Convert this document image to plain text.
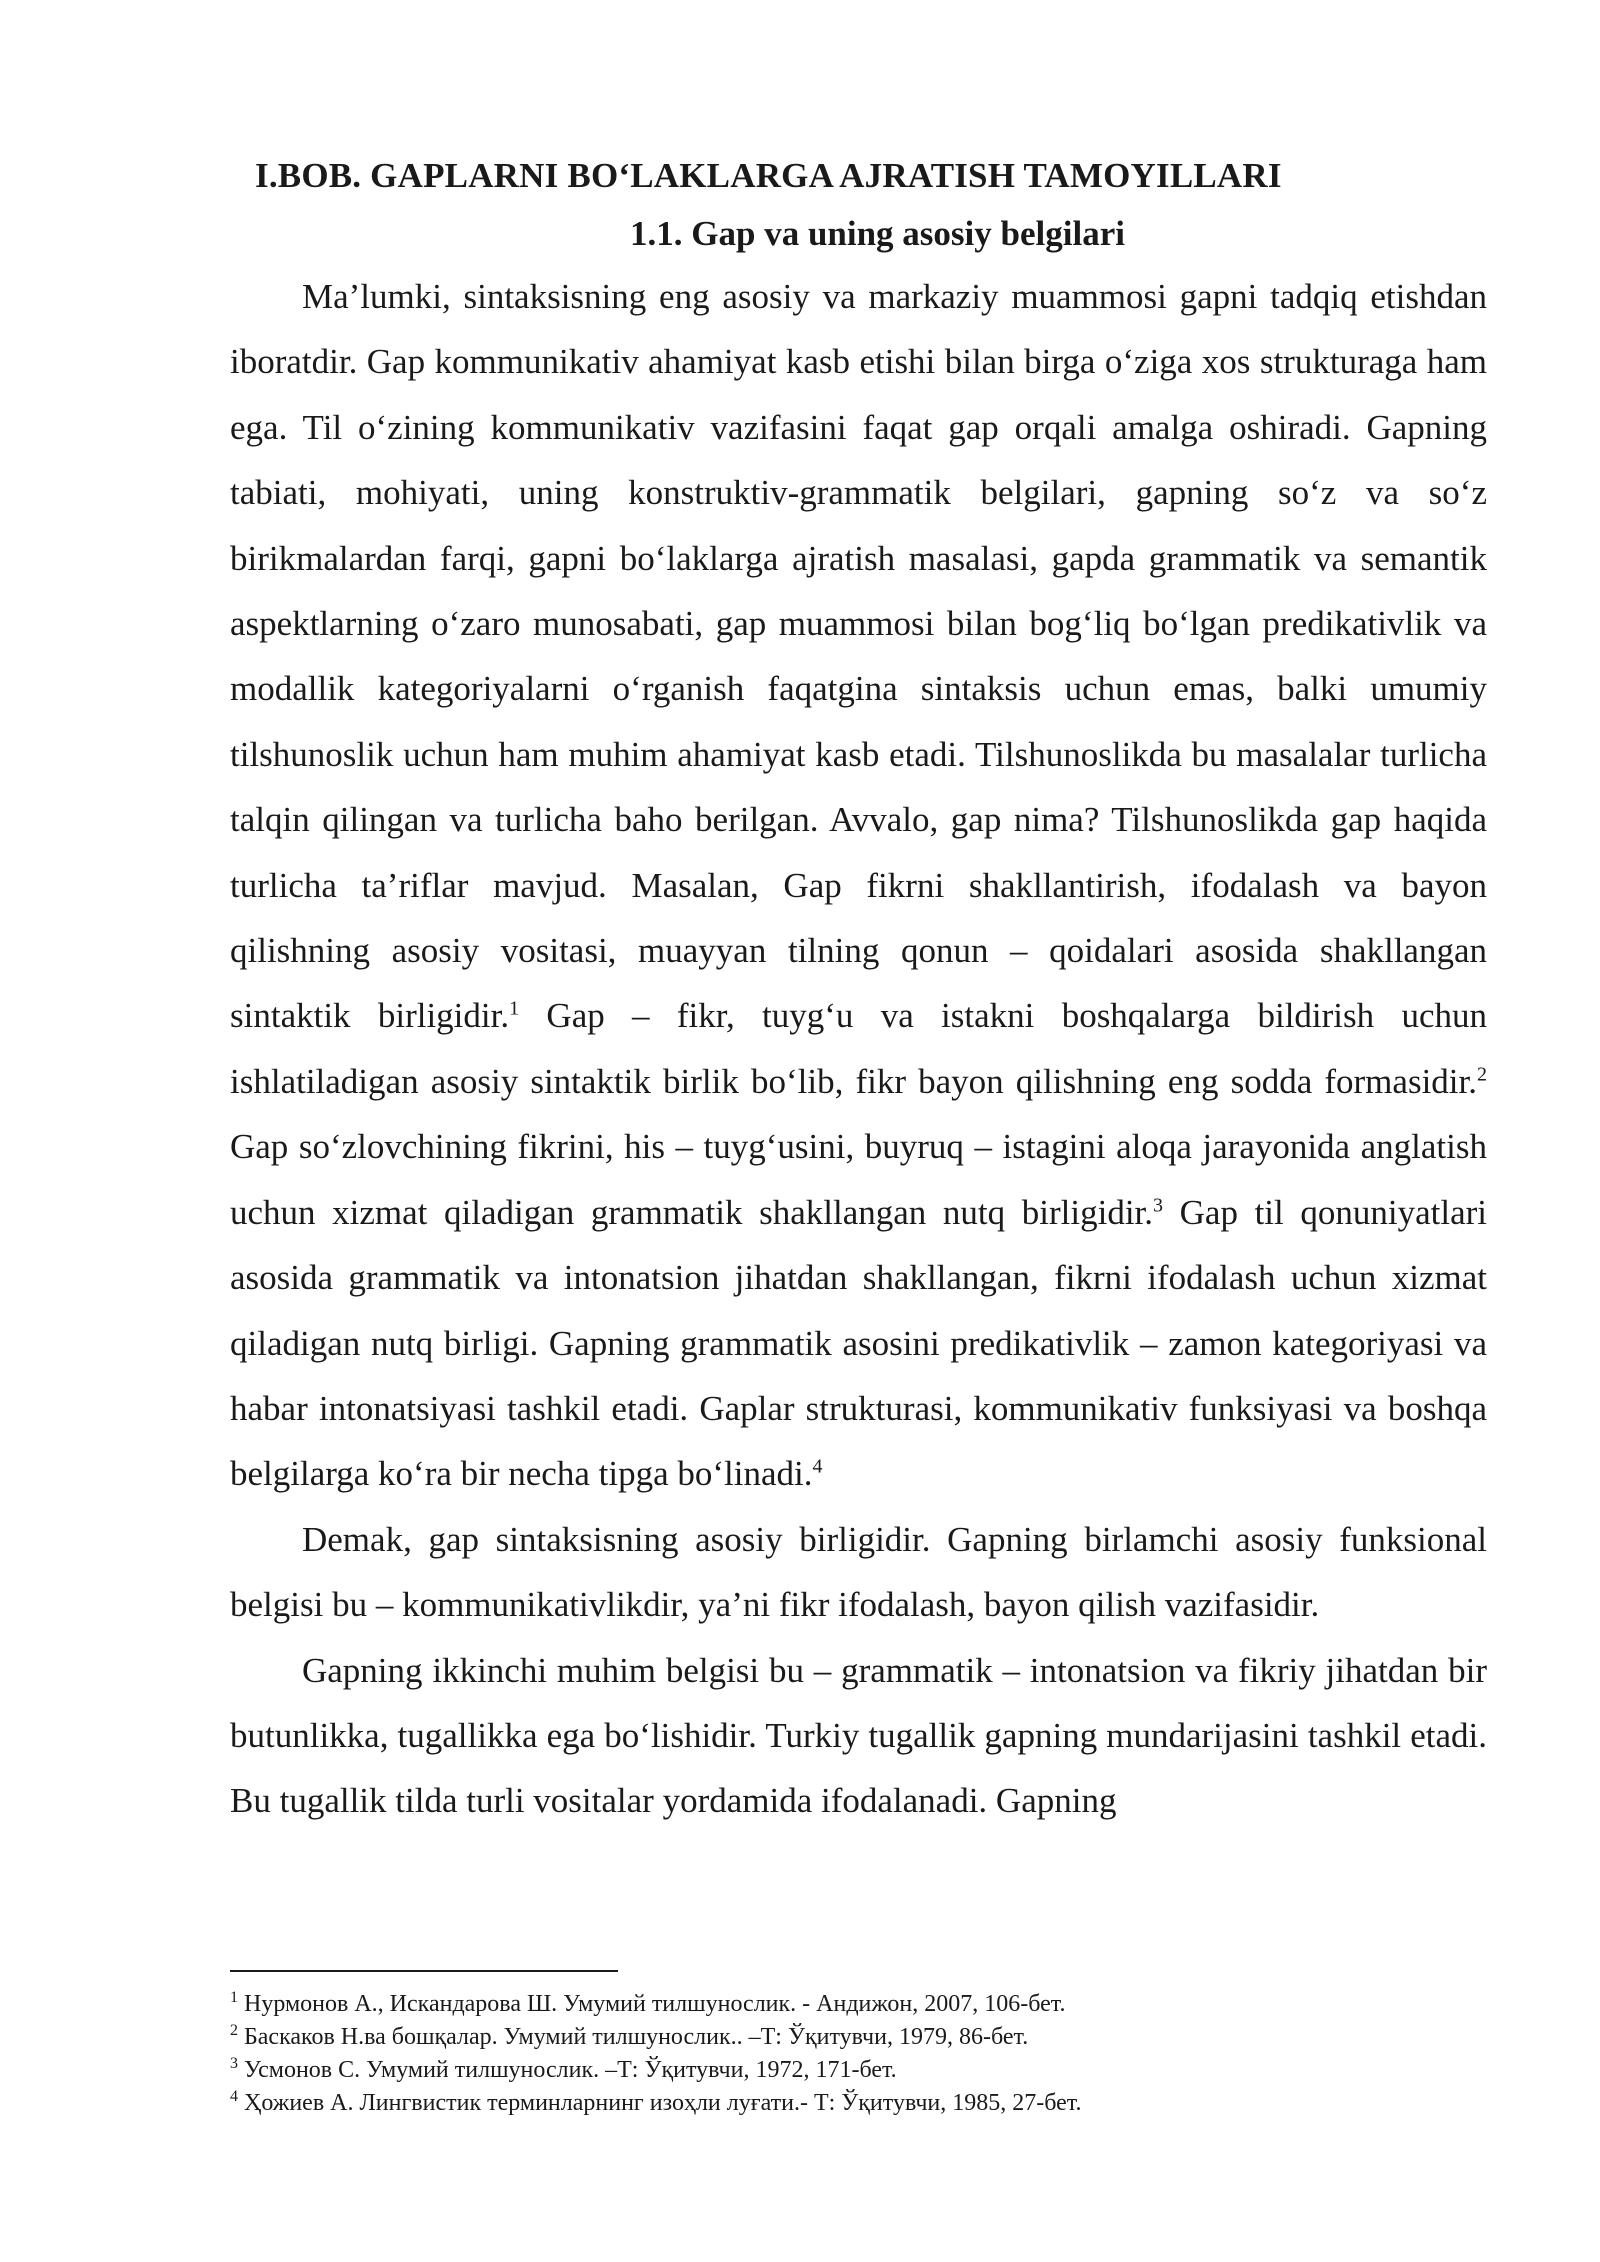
I.BOB. GAPLARNI BO‘LAKLARGA AJRATISH TAMOYILLARI
1.1. Gap va uning asosiy belgilari

Ma’lumki, sintaksisning eng asosiy va markaziy muammosi gapni tadqiq etishdan iboratdir. Gap kommunikativ ahamiyat kasb etishi bilan birga o‘ziga xos strukturaga ham ega. Til o‘zining kommunikativ vazifasini faqat gap orqali amalga oshiradi. Gapning tabiati, mohiyati, uning konstruktiv-grammatik belgilari, gapning so‘z va so‘z birikmalardan farqi, gapni bo‘laklarga ajratish masalasi, gapda grammatik va semantik aspektlarning o‘zaro munosabati, gap muammosi bilan bog‘liq bo‘lgan predikativlik va modallik kategoriyalarni o‘rganish faqatgina sintaksis uchun emas, balki umumiy tilshunoslik uchun ham muhim ahamiyat kasb etadi. Tilshunoslikda bu masalalar turlicha talqin qilingan va turlicha baho berilgan. Avvalo, gap nima? Tilshunoslikda gap haqida turlicha ta’riflar mavjud. Masalan, Gap fikrni shakllantirish, ifodalash va bayon qilishning asosiy vositasi, muayyan tilning qonun – qoidalari asosida shakllangan sintaktik birligidir.$^1$ Gap – fikr, tuyg‘u va istakni boshqalarga bildirish uchun ishlatiladigan asosiy sintaktik birlik bo‘lib, fikr bayon qilishning eng sodda formasidir.$^2$ Gap so‘zlovchining fikrini, his – tuyg‘usini, buyruq – istagini aloqa jarayonida anglatish uchun xizmat qiladigan grammatik shakllangan nutq birligidir.$^3$ Gap til qonuniyatlari asosida grammatik va intonatsion jihatdan shakllangan, fikrni ifodalash uchun xizmat qiladigan nutq birligi. Gapning grammatik asosini predikativlik – zamon kategoriyasi va habar intonatsiyasi tashkil etadi. Gaplar strukturasi, kommunikativ funksiyasi va boshqa belgilarga ko‘ra bir necha tipga bo‘linadi.$^4$

Demak, gap sintaksisning asosiy birligidir. Gapning birlamchi asosiy funksional belgisi bu – kommunikativlikdir, ya’ni fikr ifodalash, bayon qilish vazifasidir.

Gapning ikkinchi muhim belgisi bu – grammatik – intonatsion va fikriy jihatdan bir butunlikka, tugallikka ega bo‘lishidir. Turkiy tugallik gapning mundarijasini tashkil etadi. Bu tugallik tilda turli vositalar yordamida ifodalanadi. Gapning

$^1$ Нурмонов А., Искандарова Ш. Умумий тилшунослик. - Андижон, 2007, 106-бет.

$^2$ Баскаков Н.ва бошқалар. Умумий тилшунослик.. –Т: Ўқитувчи, 1979, 86-бет.

$^3$ Усмонов С. Умумий тилшунослик. –Т: Ўқитувчи, 1972, 171-бет.

$^4$ Ҳожиев А. Лингвистик терминларнинг изоҳли луғати.- Т: Ўқитувчи, 1985, 27-бет.
